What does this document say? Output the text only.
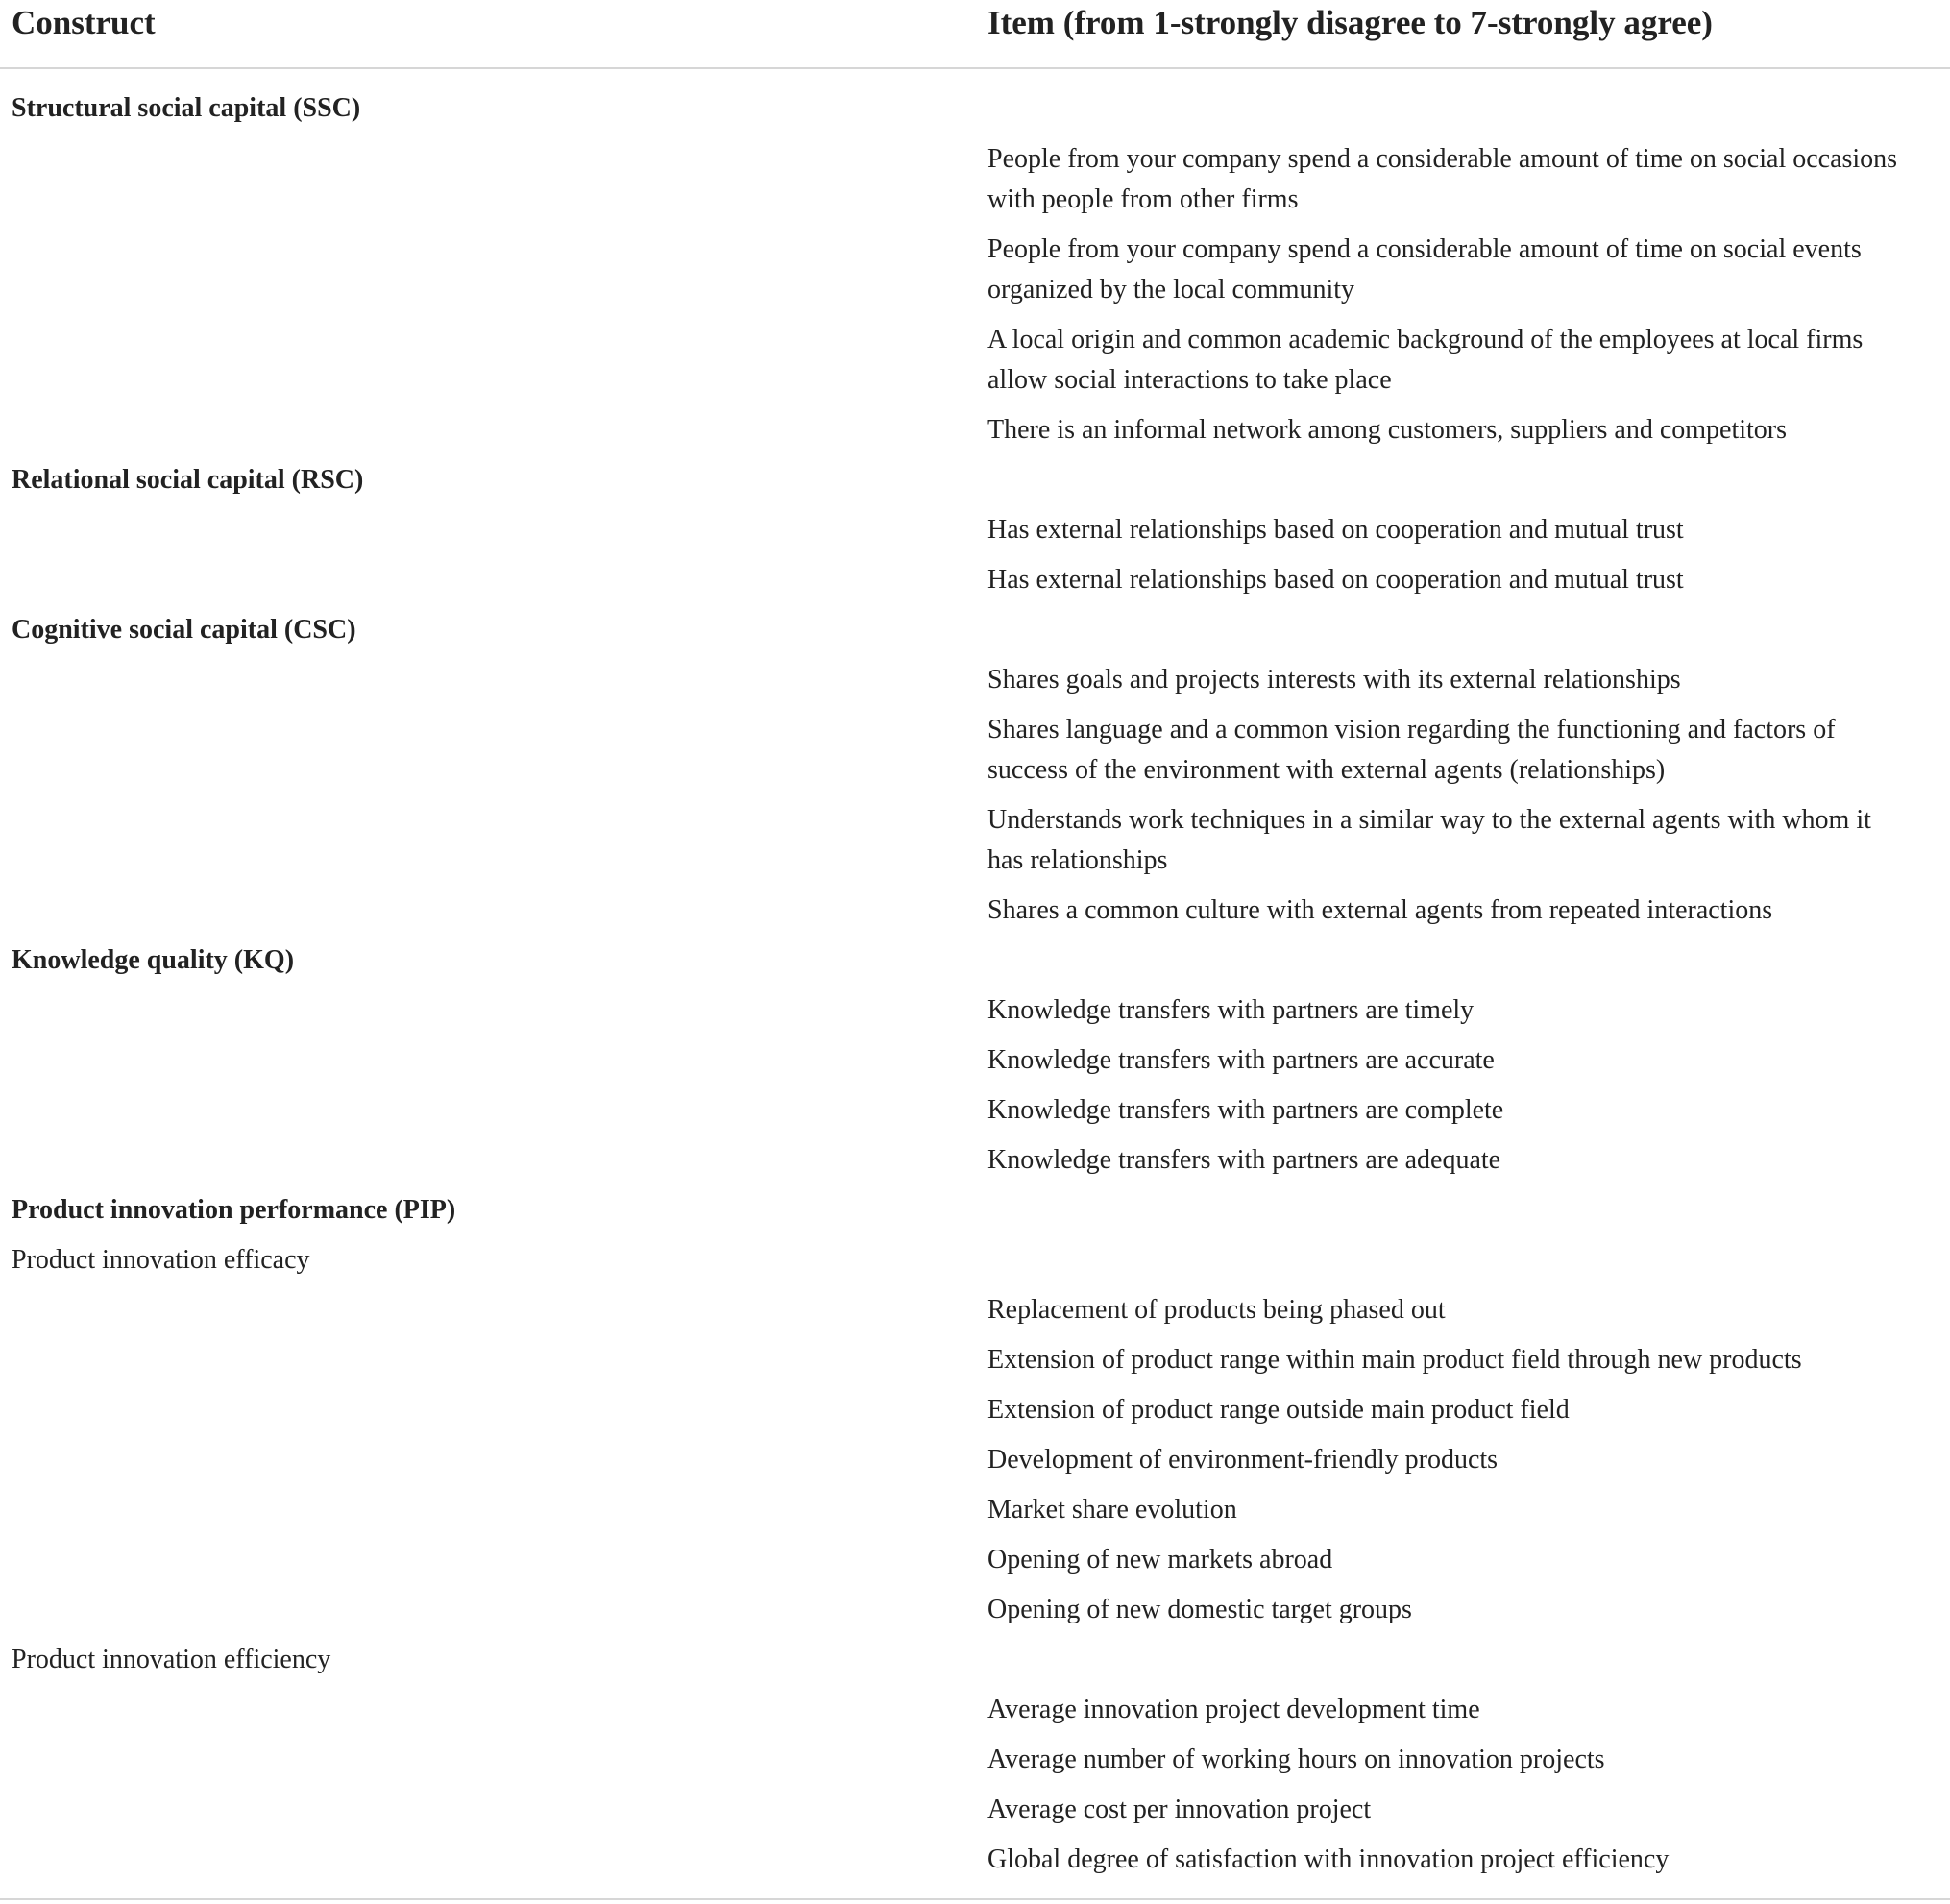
Construct	Item (from 1-strongly disagree to 7-strongly agree)
Structural social capital (SSC)
People from your company spend a considerable amount of time on social occasions
with people from other firms
People from your company spend a considerable amount of time on social events
organized by the local community
A local origin and common academic background of the employees at local firms
allow social interactions to take place
There is an informal network among customers, suppliers and competitors
Relational social capital (RSC)
Has external relationships based on cooperation and mutual trust
Has external relationships based on cooperation and mutual trust
Cognitive social capital (CSC)
Shares goals and projects interests with its external relationships
Shares language and a common vision regarding the functioning and factors of
success of the environment with external agents (relationships)
Understands work techniques in a similar way to the external agents with whom it
has relationships
Shares a common culture with external agents from repeated interactions
Knowledge quality (KQ)
Knowledge transfers with partners are timely
Knowledge transfers with partners are accurate
Knowledge transfers with partners are complete
Knowledge transfers with partners are adequate
Product innovation performance (PIP)
Product innovation efficacy
Replacement of products being phased out
Extension of product range within main product field through new products
Extension of product range outside main product field
Development of environment-friendly products
Market share evolution
Opening of new markets abroad
Opening of new domestic target groups
Product innovation efficiency
Average innovation project development time
Average number of working hours on innovation projects
Average cost per innovation project
Global degree of satisfaction with innovation project efficiency
